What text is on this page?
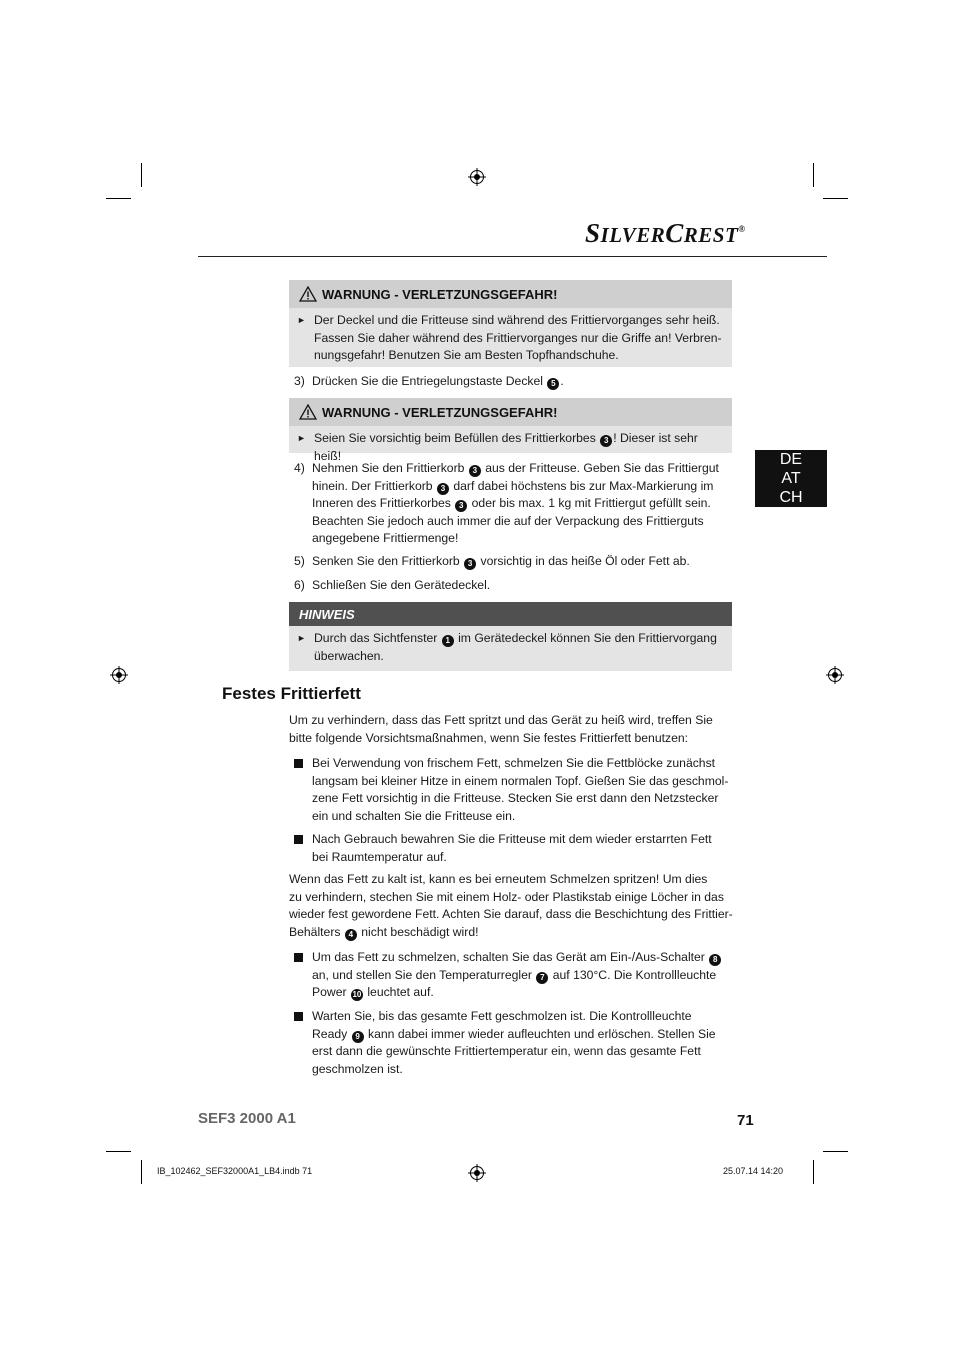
SILVERCREST®
DE
AT
CH
WARNUNG - VERLETZUNGSGEFAHR!
► Der Deckel und die Fritteuse sind während des Frittiervorganges sehr heiß.
Fassen Sie daher während des Frittiervorganges nur die Griffe an! Verbren-
nungsgefahr! Benutzen Sie am Besten Topfhandschuhe.
3) Drücken Sie die Entriegelungstaste Deckel 5 .
WARNUNG - VERLETZUNGSGEFAHR!
► Seien Sie vorsichtig beim Befüllen des Frittierkorbes 3 ! Dieser ist sehr heiß!
4) Nehmen Sie den Frittierkorb 3 aus der Fritteuse. Geben Sie das Frittiergut
hinein. Der Frittierkorb 3 darf dabei höchstens bis zur Max-Markierung im
Inneren des Frittierkorbes 3 oder bis max. 1 kg mit Frittiergut gefüllt sein.
Beachten Sie jedoch auch immer die auf der Verpackung des Frittierguts
angegebene Frittiermenge!
5) Senken Sie den Frittierkorb 3 vorsichtig in das heiße Öl oder Fett ab.
6) Schließen Sie den Gerätedeckel.
HINWEIS
► Durch das Sichtfenster 1 im Gerätedeckel können Sie den Frittiervorgang
überwachen.
Festes Frittierfett
Um zu verhindern, dass das Fett spritzt und das Gerät zu heiß wird, treffen Sie
bitte folgende Vorsichtsmaßnahmen, wenn Sie festes Frittierfett benutzen:
Bei Verwendung von frischem Fett, schmelzen Sie die Fettblöcke zunächst
langsam bei kleiner Hitze in einem normalen Topf. Gießen Sie das geschmol-
zene Fett vorsichtig in die Fritteuse. Stecken Sie erst dann den Netzstecker
ein und schalten Sie die Fritteuse ein.
Nach Gebrauch bewahren Sie die Fritteuse mit dem wieder erstarrten Fett
bei Raumtemperatur auf.
Wenn das Fett zu kalt ist, kann es bei erneutem Schmelzen spritzen! Um dies
zu verhindern, stechen Sie mit einem Holz- oder Plastikstab einige Löcher in das
wieder fest gewordene Fett. Achten Sie darauf, dass die Beschichtung des Frittier-
Behälters 4 nicht beschädigt wird!
Um das Fett zu schmelzen, schalten Sie das Gerät am Ein-/Aus-Schalter 8
an, und stellen Sie den Temperaturregler 7 auf 130°C. Die Kontrollleuchte
Power 10 leuchtet auf.
Warten Sie, bis das gesamte Fett geschmolzen ist. Die Kontrollleuchte
Ready 9 kann dabei immer wieder aufleuchten und erlöschen. Stellen Sie
erst dann die gewünschte Frittiertemperatur ein, wenn das gesamte Fett
geschmolzen ist.
SEF3 2000 A1	71
IB_102462_SEF32000A1_LB4.indb 71	25.07.14 14:20
